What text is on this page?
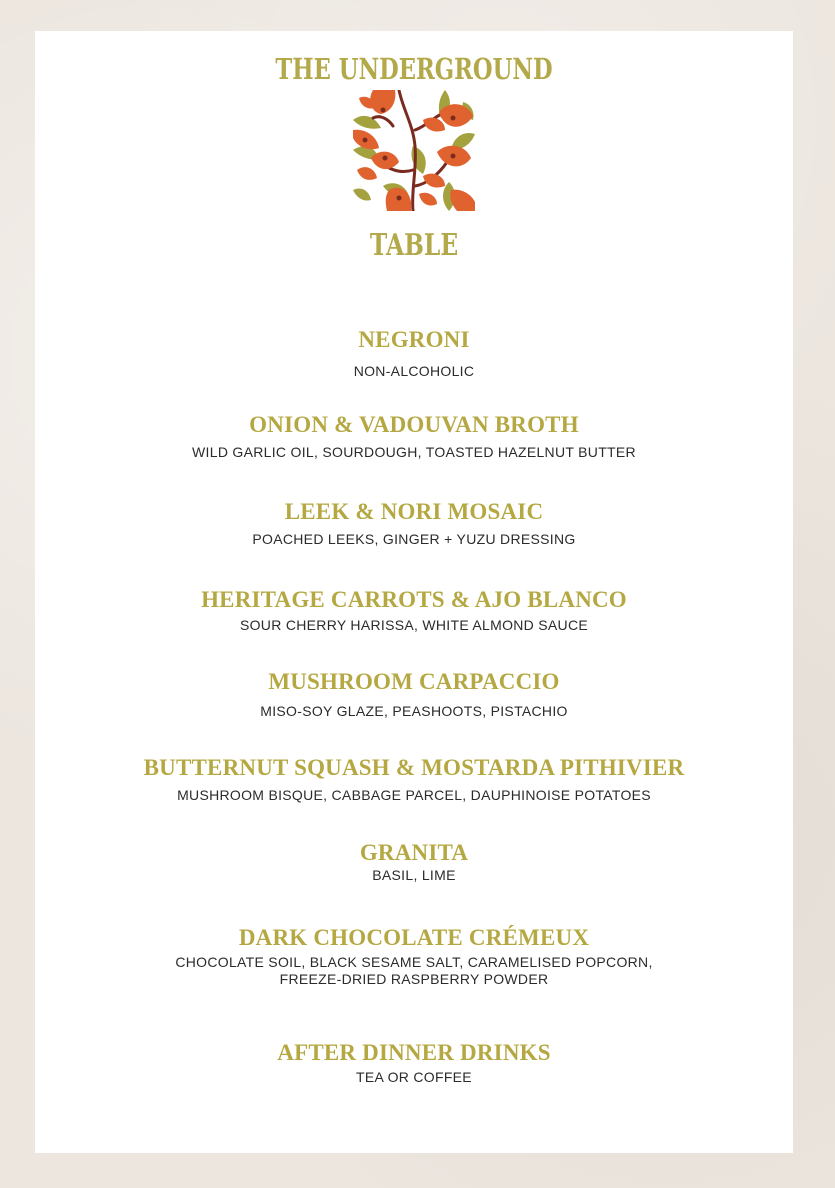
THE UNDERGROUND
TABLE

NEGRONI

NON-ALCOHOLIC

ONION & VADOUVAN BROTH

WILD GARLIC OIL, SOURDOUGH, TOASTED HAZELNUT BUTTER

LEEK & NORI MOSAIC

POACHED LEEKS, GINGER + YUZU DRESSING

HERITAGE CARROTS & AJO BLANCO

SOUR CHERRY HARISSA, WHITE ALMOND SAUCE

MUSHROOM CARPACCIO

MISO-SOY GLAZE, PEASHOOTS, PISTACHIO

BUTTERNUT SQUASH & MOSTARDA PITHIVIER

MUSHROOM BISQUE, CABBAGE PARCEL, DAUPHINOISE POTATOES

GRANITA

BASIL, LIME

DARK CHOCOLATE CRÉMEUX

CHOCOLATE SOIL, BLACK SESAME SALT, CARAMELISED POPCORN,

FREEZE-DRIED RASPBERRY POWDER

AFTER DINNER DRINKS

TEA OR COFFEE
